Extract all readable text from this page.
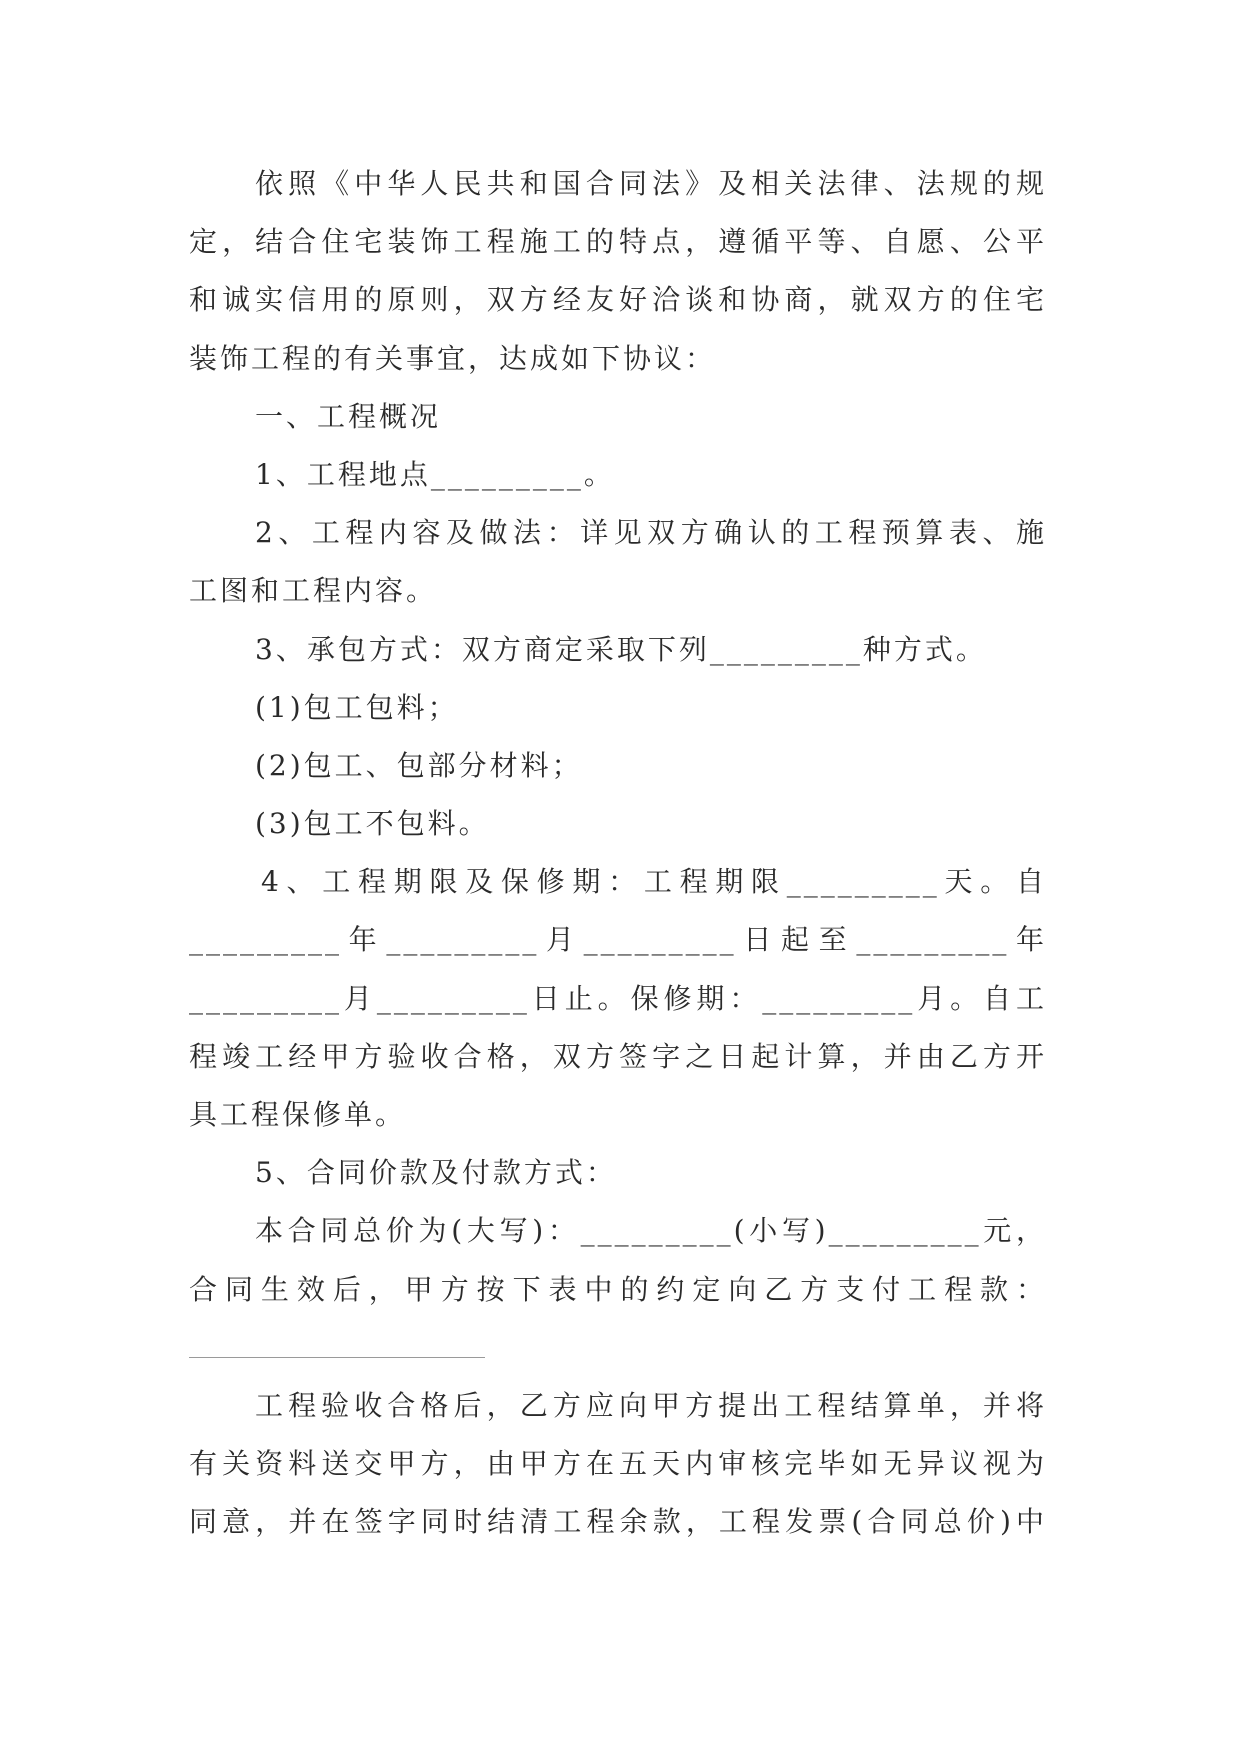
依照《中华人民共和国合同法》及相关法律、法规的规
定，结合住宅装饰工程施工的特点，遵循平等、自愿、公平
和诚实信用的原则，双方经友好洽谈和协商，就双方的住宅
装饰工程的有关事宜，达成如下协议：
一、工程概况
1、工程地点_________。
2、工程内容及做法：详见双方确认的工程预算表、施
工图和工程内容。
3、承包方式：双方商定采取下列_________种方式。
(1)包工包料；
(2)包工、包部分材料；
(3)包工不包料。
4、工程期限及保修期：工程期限_________天。自
_________年_________月_________日起至_________年
_________月_________日止。保修期：_________月。自工
程竣工经甲方验收合格，双方签字之日起计算，并由乙方开
具工程保修单。
5、合同价款及付款方式：
本合同总价为(大写)：_________(小写)_________元，
合同生效后，甲方按下表中的约定向乙方支付工程款：
工程验收合格后，乙方应向甲方提出工程结算单，并将
有关资料送交甲方，由甲方在五天内审核完毕如无异议视为
同意，并在签字同时结清工程余款，工程发票(合同总价)中
